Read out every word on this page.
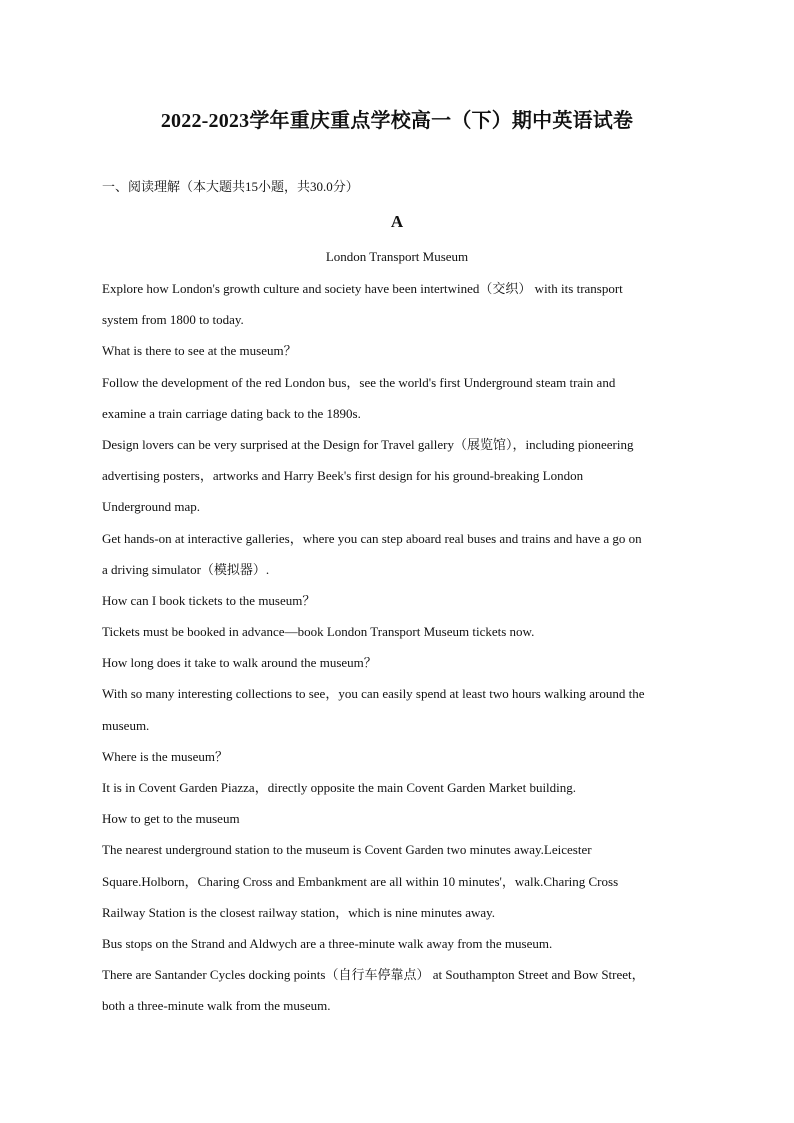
2022-2023学年重庆重点学校高一（下）期中英语试卷
一、阅读理解（本大题共15小题，共30.0分）
A
London Transport Museum
Explore how London's growth culture and society have been intertwined（交织） with its transport
system from 1800 to today.
What is there to see at the museum？
Follow the development of the red London bus，see the world's first Underground steam train and
examine a train carriage dating back to the 1890s.
Design lovers can be very surprised at the Design for Travel gallery（展览馆），including pioneering
advertising posters，artworks and Harry Beek's first design for his ground-breaking London
Underground map.
Get hands-on at interactive galleries，where you can step aboard real buses and trains and have a go on
a driving simulator（模拟器）.
How can I book tickets to the museum？
Tickets must be booked in advance—book London Transport Museum tickets now.
How long does it take to walk around the museum？
With so many interesting collections to see，you can easily spend at least two hours walking around the
museum.
Where is the museum？
It is in Covent Garden Piazza，directly opposite the main Covent Garden Market building.
How to get to the museum
The nearest underground station to the museum is Covent Garden two minutes away.Leicester
Square.Holborn，Charing Cross and Embankment are all within 10 minutes'，walk.Charing Cross
Railway Station is the closest railway station，which is nine minutes away.
Bus stops on the Strand and Aldwych are a three-minute walk away from the museum.
There are Santander Cycles docking points（自行车停靠点） at Southampton Street and Bow Street，
both a three-minute walk from the museum.
